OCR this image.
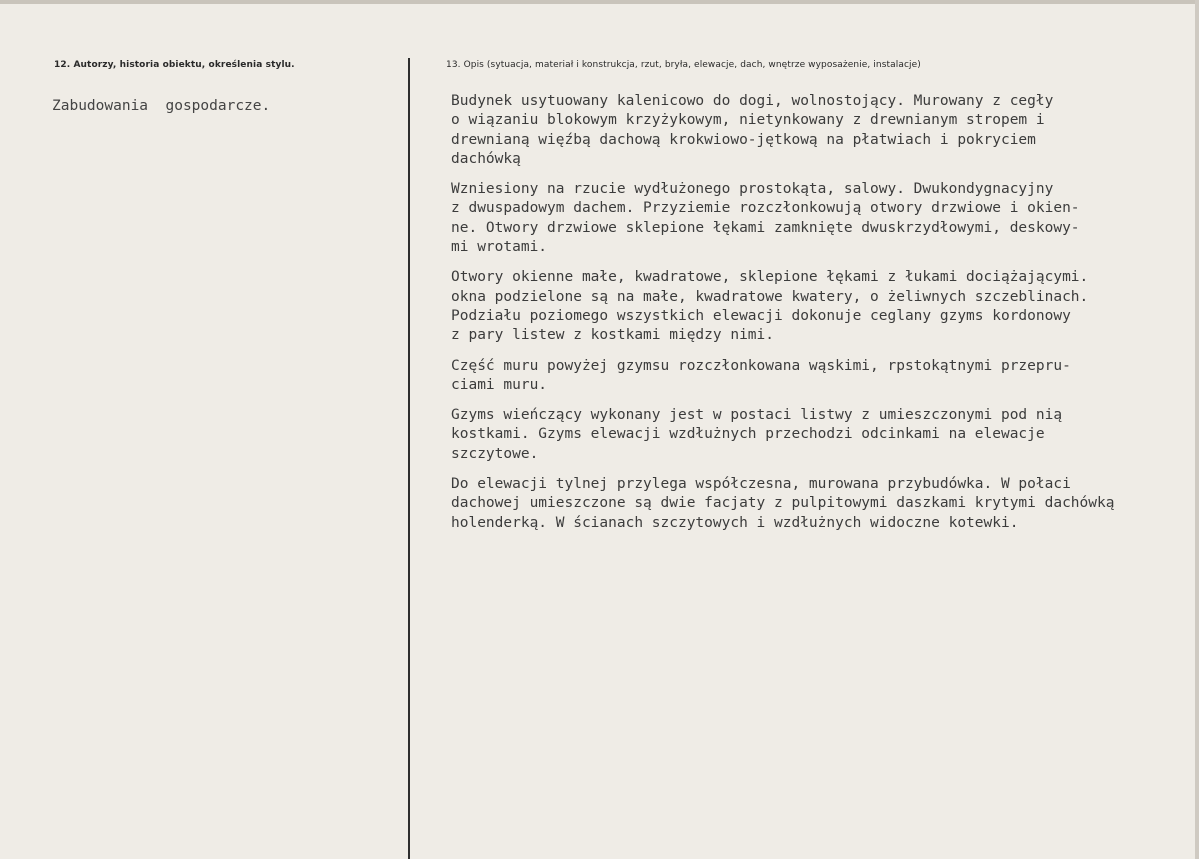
12. Autorzy, historia obiektu, określenia stylu.	13. Opis (sytuacja, materiał i konstrukcja, rzut, bryła, elewacje, dach, wnętrze wyposażenie, instalacje)
Zabudowania  gospodarcze.	Budynek usytuowany kalenicowo do dogi, wolnostojący. Murowany z cegły
o wiązaniu blokowym krzyżykowym, nietynkowany z drewnianym stropem i
drewnianą więźbą dachową krokwiowo-jętkową na płatwiach i pokryciem
dachówką
Wzniesiony na rzucie wydłużonego prostokąta, salowy. Dwukondygnacyjny
z dwuspadowym dachem. Przyziemie rozczłonkowują otwory drzwiowe i okien-
ne. Otwory drzwiowe sklepione łękami zamknięte dwuskrzydłowymi, deskowy-
mi wrotami.
Otwory okienne małe, kwadratowe, sklepione łękami z łukami dociążającymi.
okna podzielone są na małe, kwadratowe kwatery, o żeliwnych szczeblinach.
Podziału poziomego wszystkich elewacji dokonuje ceglany gzyms kordonowy
z pary listew z kostkami między nimi.
Część muru powyżej gzymsu rozczłonkowana wąskimi, rpstokątnymi przepru-
ciami muru.
Gzyms wieńczący wykonany jest w postaci listwy z umieszczonymi pod nią
kostkami. Gzyms elewacji wzdłużnych przechodzi odcinkami na elewacje
szczytowe.
Do elewacji tylnej przylega współczesna, murowana przybudówka. W połaci
dachowej umieszczone są dwie facjaty z pulpitowymi daszkami krytymi dachówką
holenderką. W ścianach szczytowych i wzdłużnych widoczne kotewki.
